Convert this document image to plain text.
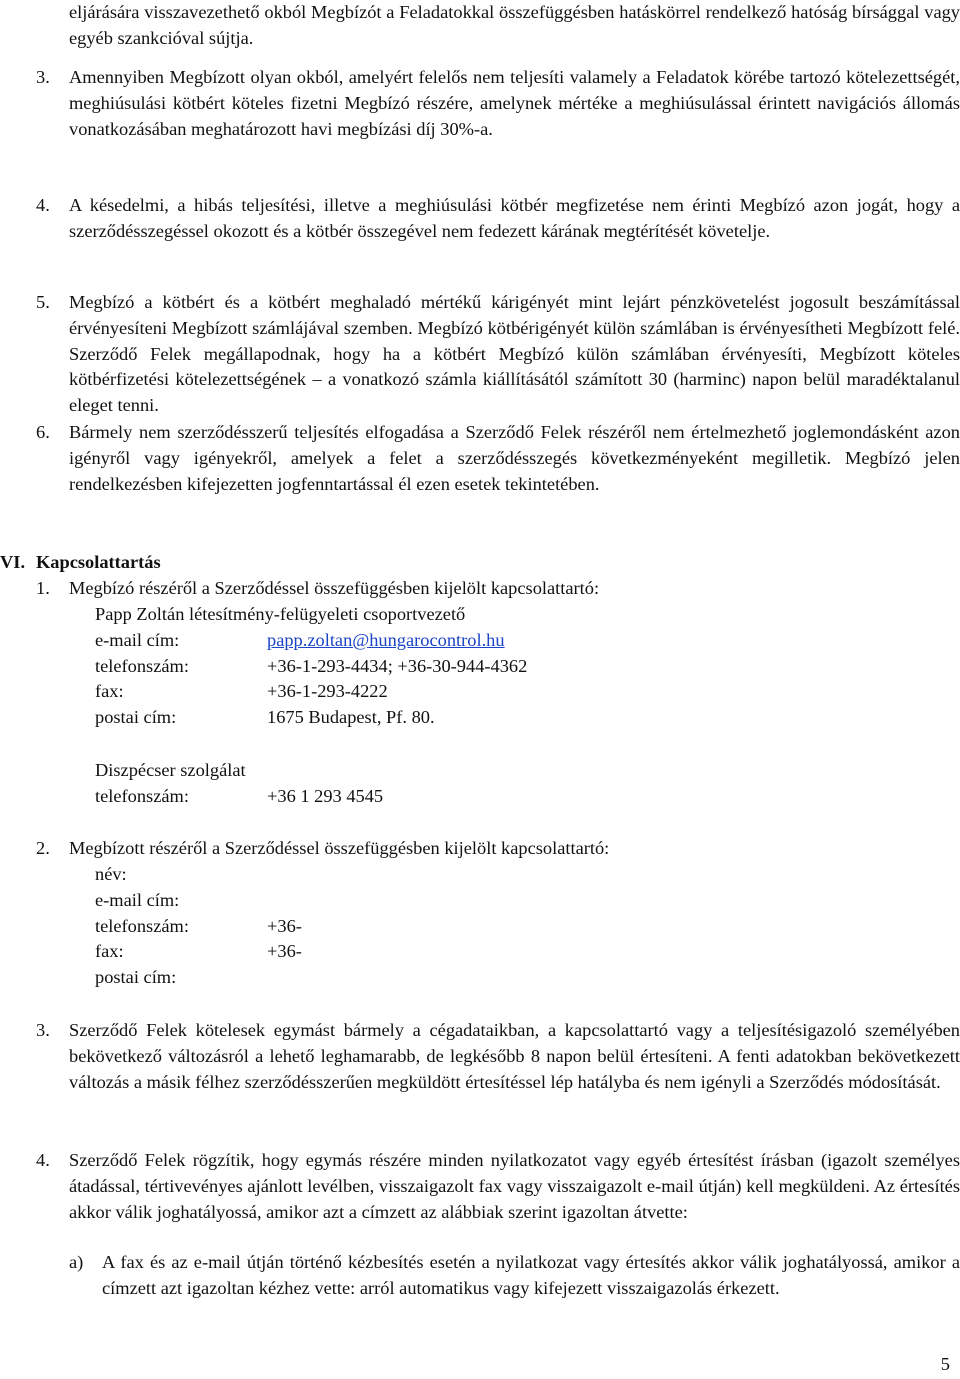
eljárására visszavezethető okból Megbízót a Feladatokkal összefüggésben hatáskörrel rendelkező hatóság bírsággal vagy egyéb szankcióval sújtja.
3. Amennyiben Megbízott olyan okból, amelyért felelős nem teljesíti valamely a Feladatok körébe tartozó kötelezettségét, meghiúsulási kötbért köteles fizetni Megbízó részére, amelynek mértéke a meghiúsulással érintett navigációs állomás vonatkozásában meghatározott havi megbízási díj 30%-a.
4. A késedelmi, a hibás teljesítési, illetve a meghiúsulási kötbér megfizetése nem érinti Megbízó azon jogát, hogy a szerződésszegéssel okozott és a kötbér összegével nem fedezett kárának megtérítését követelje.
5. Megbízó a kötbért és a kötbért meghaladó mértékű kárigényét mint lejárt pénzkövetelést jogosult beszámítással érvényesíteni Megbízott számlájával szemben. Megbízó kötbérigényét külön számlában is érvényesítheti Megbízott felé. Szerződő Felek megállapodnak, hogy ha a kötbért Megbízó külön számlában érvényesíti, Megbízott köteles kötbérfizetési kötelezettségének – a vonatkozó számla kiállításától számított 30 (harminc) napon belül maradéktalanul eleget tenni.
6. Bármely nem szerződésszerű teljesítés elfogadása a Szerződő Felek részéről nem értelmezhető joglemondásként azon igényről vagy igényekről, amelyek a felet a szerződésszegés következményeként megilletik. Megbízó jelen rendelkezésben kifejezetten jogfenntartással él ezen esetek tekintetében.
VI. Kapcsolattartás
1. Megbízó részéről a Szerződéssel összefüggésben kijelölt kapcsolattartó:
Papp Zoltán létesítmény-felügyeleti csoportvezető
e-mail cím:	papp.zoltan@hungarocontrol.hu
telefonszám:	+36-1-293-4434; +36-30-944-4362
fax:	+36-1-293-4222
postai cím:	1675 Budapest, Pf. 80.
Diszpécser szolgálat
telefonszám:	+36 1 293 4545
2. Megbízott részéről a Szerződéssel összefüggésben kijelölt kapcsolattartó:
név:
e-mail cím:
telefonszám:	+36-
fax:	+36-
postai cím:
3. Szerződő Felek kötelesek egymást bármely a cégadataikban, a kapcsolattartó vagy a teljesítésigazoló személyében bekövetkező változásról a lehető leghamarabb, de legkésőbb 8 napon belül értesíteni. A fenti adatokban bekövetkezett változás a másik félhez szerződésszerűen megküldött értesítéssel lép hatályba és nem igényli a Szerződés módosítását.
4. Szerződő Felek rögzítik, hogy egymás részére minden nyilatkozatot vagy egyéb értesítést írásban (igazolt személyes átadással, tértivevényes ajánlott levélben, visszaigazolt fax vagy visszaigazolt e-mail útján) kell megküldeni. Az értesítés akkor válik joghatályossá, amikor azt a címzett az alábbiak szerint igazoltan átvette:
a) A fax és az e-mail útján történő kézbesítés esetén a nyilatkozat vagy értesítés akkor válik joghatályossá, amikor a címzett azt igazoltan kézhez vette: arról automatikus vagy kifejezett visszaigazolás érkezett.
5
